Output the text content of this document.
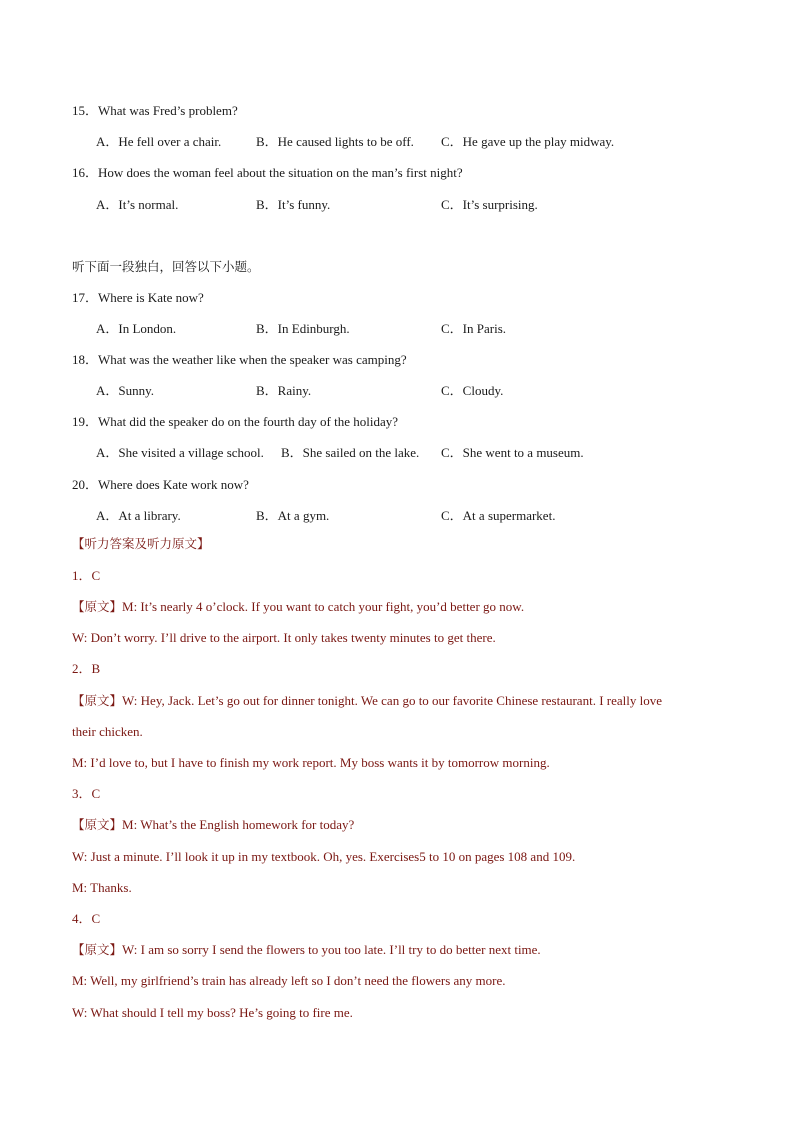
15．What was Fred’s problem?
A．He fell over a chair.	B．He caused lights to be off. C．He gave up the play midway.
16．How does the woman feel about the situation on the man’s first night?
A．It’s normal.	B．It’s funny.	C．It’s surprising.
听下面一段独白，回答以下小题。
17．Where is Kate now?
A．In London.	B．In Edinburgh.	C．In Paris.
18．What was the weather like when the speaker was camping?
A．Sunny.	B．Rainy.	C．Cloudy.
19．What did the speaker do on the fourth day of the holiday?
A．She visited a village school. B．She sailed on the lake. C．She went to a museum.
20．Where does Kate work now?
A．At a library.	B．At a gym.	C．At a supermarket.
【听力答案及听力原文】
1．C
【原文】M: It’s nearly 4 o’clock. If you want to catch your fight, you’d better go now.
W: Don’t worry. I’ll drive to the airport. It only takes twenty minutes to get there.
2．B
【原文】W: Hey, Jack. Let’s go out for dinner tonight. We can go to our favorite Chinese restaurant. I really love
their chicken.
M: I’d love to, but I have to finish my work report. My boss wants it by tomorrow morning.
3．C
【原文】M: What’s the English homework for today?
W: Just a minute. I’ll look it up in my textbook. Oh, yes. Exercises5 to 10 on pages 108 and 109.
M: Thanks.
4．C
【原文】W: I am so sorry I send the flowers to you too late. I’ll try to do better next time.
M: Well, my girlfriend’s train has already left so I don’t need the flowers any more.
W: What should I tell my boss? He’s going to fire me.
